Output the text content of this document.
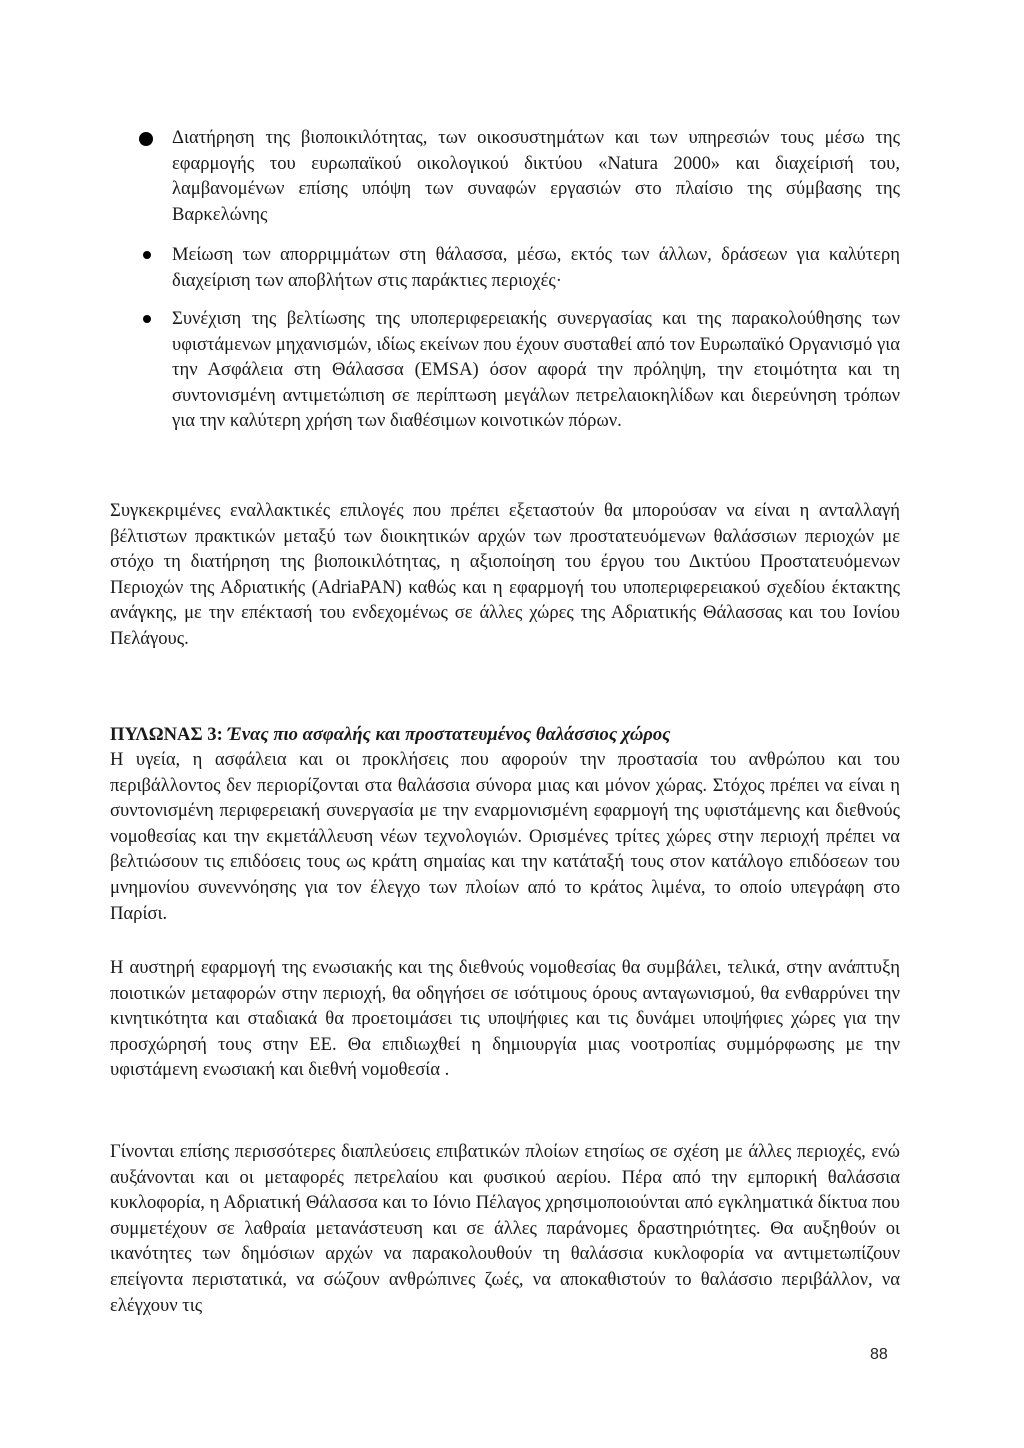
Διατήρηση της βιοποικιλότητας, των οικοσυστημάτων και των υπηρεσιών τους μέσω της εφαρμογής του ευρωπαϊκού οικολογικού δικτύου «Natura 2000» και διαχείρισή του, λαμβανομένων επίσης υπόψη των συναφών εργασιών στο πλαίσιο της σύμβασης της Βαρκελώνης
Μείωση των απορριμμάτων στη θάλασσα, μέσω, εκτός των άλλων, δράσεων για καλύτερη διαχείριση των αποβλήτων στις παράκτιες περιοχές·
Συνέχιση της βελτίωσης της υποπεριφερειακής συνεργασίας και της παρακολούθησης των υφιστάμενων μηχανισμών, ιδίως εκείνων που έχουν συσταθεί από τον Ευρωπαϊκό Οργανισμό για την Ασφάλεια στη Θάλασσα (EMSA) όσον αφορά την πρόληψη, την ετοιμότητα και τη συντονισμένη αντιμετώπιση σε περίπτωση μεγάλων πετρελαιοκηλίδων και διερεύνηση τρόπων για την καλύτερη χρήση των διαθέσιμων κοινοτικών πόρων.

Συγκεκριμένες εναλλακτικές επιλογές που πρέπει εξεταστούν θα μπορούσαν να είναι η ανταλλαγή βέλτιστων πρακτικών μεταξύ των διοικητικών αρχών των προστατευόμενων θαλάσσιων περιοχών με στόχο τη διατήρηση της βιοποικιλότητας, η αξιοποίηση του έργου του Δικτύου Προστατευόμενων Περιοχών της Αδριατικής (AdriaPAN) καθώς και η εφαρμογή του υποπεριφερειακού σχεδίου έκτακτης ανάγκης, με την επέκτασή του ενδεχομένως σε άλλες χώρες της Αδριατικής Θάλασσας και του Ιονίου Πελάγους.

ΠΥΛΩΝΑΣ 3: Ένας πιο ασφαλής και προστατευμένος θαλάσσιος χώρος

Η υγεία, η ασφάλεια και οι προκλήσεις που αφορούν την προστασία του ανθρώπου και του περιβάλλοντος δεν περιορίζονται στα θαλάσσια σύνορα μιας και μόνον χώρας. Στόχος πρέπει να είναι η συντονισμένη περιφερειακή συνεργασία με την εναρμονισμένη εφαρμογή της υφιστάμενης και διεθνούς νομοθεσίας και την εκμετάλλευση νέων τεχνολογιών. Ορισμένες τρίτες χώρες στην περιοχή πρέπει να βελτιώσουν τις επιδόσεις τους ως κράτη σημαίας και την κατάταξή τους στον κατάλογο επιδόσεων του μνημονίου συνεννόησης για τον έλεγχο των πλοίων από το κράτος λιμένα, το οποίο υπεγράφη στο Παρίσι.

Η αυστηρή εφαρμογή της ενωσιακής και της διεθνούς νομοθεσίας θα συμβάλει, τελικά, στην ανάπτυξη ποιοτικών μεταφορών στην περιοχή, θα οδηγήσει σε ισότιμους όρους ανταγωνισμού, θα ενθαρρύνει την κινητικότητα και σταδιακά θα προετοιμάσει τις υποψήφιες και τις δυνάμει υποψήφιες χώρες για την προσχώρησή τους στην ΕΕ. Θα επιδιωχθεί η δημιουργία μιας νοοτροπίας συμμόρφωσης με την υφιστάμενη ενωσιακή και διεθνή νομοθεσία .

Γίνονται επίσης περισσότερες διαπλεύσεις επιβατικών πλοίων ετησίως σε σχέση με άλλες περιοχές, ενώ αυξάνονται και οι μεταφορές πετρελαίου και φυσικού αερίου. Πέρα από την εμπορική θαλάσσια κυκλοφορία, η Αδριατική Θάλασσα και το Ιόνιο Πέλαγος χρησιμοποιούνται από εγκληματικά δίκτυα που συμμετέχουν σε λαθραία μετανάστευση και σε άλλες παράνομες δραστηριότητες. Θα αυξηθούν οι ικανότητες των δημόσιων αρχών να παρακολουθούν τη θαλάσσια κυκλοφορία να αντιμετωπίζουν επείγοντα περιστατικά, να σώζουν ανθρώπινες ζωές, να αποκαθιστούν το θαλάσσιο περιβάλλον, να ελέγχουν τις

88
